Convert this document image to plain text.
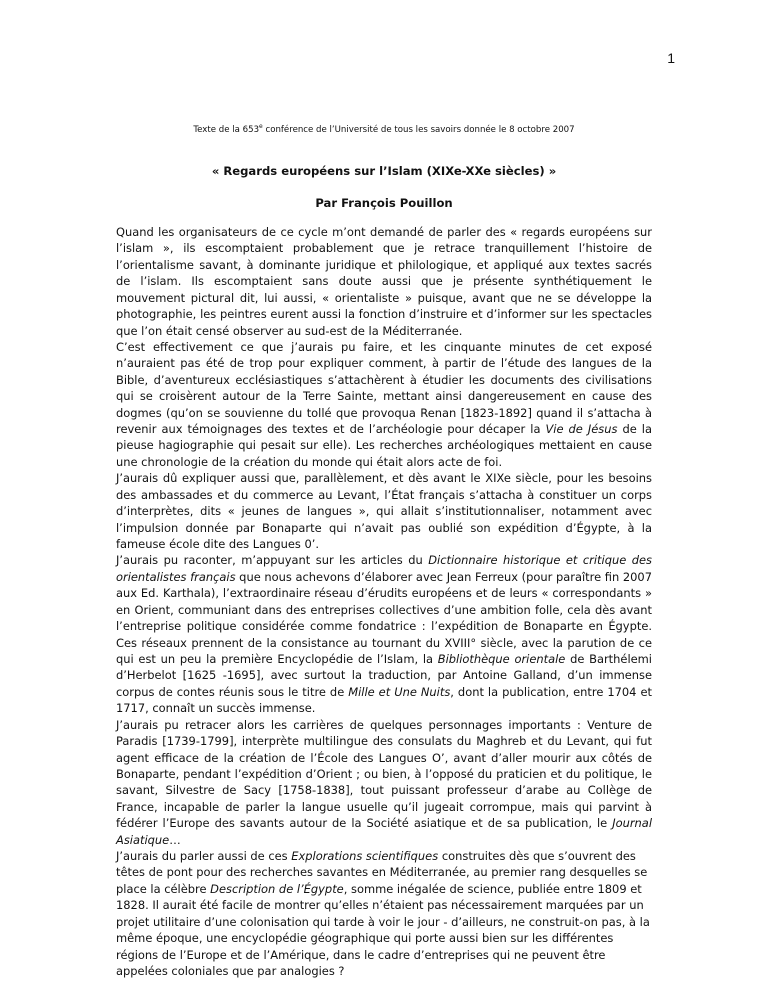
1
Texte de la 653e conférence de l’Université de tous les savoirs donnée le 8 octobre 2007
« Regards européens sur l’Islam (XIXe-XXe siècles) »
Par François Pouillon

Quand les organisateurs de ce cycle m’ont demandé de parler des « regards européens sur l’islam », ils escomptaient probablement que je retrace tranquillement l’histoire de l’orientalisme savant, à dominante juridique et philologique, et appliqué aux textes sacrés de l’islam. Ils escomptaient sans doute aussi que je présente synthétiquement le mouvement pictural dit, lui aussi, « orientaliste » puisque, avant que ne se développe la photographie, les peintres eurent aussi la fonction d’instruire et d’informer sur les spectacles que l’on était censé observer au sud-est de la Méditerranée.

C’est effectivement ce que j’aurais pu faire, et les cinquante minutes de cet exposé n’auraient pas été de trop pour expliquer comment, à partir de l’étude des langues de la Bible, d’aventureux ecclésiastiques s’attachèrent à étudier les documents des civilisations qui se croisèrent autour de la Terre Sainte, mettant ainsi dangereusement en cause des dogmes (qu’on se souvienne du tollé que provoqua Renan [1823-1892] quand il s’attacha à revenir aux témoignages des textes et de l’archéologie pour décaper la Vie de Jésus de la pieuse hagiographie qui pesait sur elle). Les recherches archéologiques mettaient en cause une chronologie de la création du monde qui était alors acte de foi.

J’aurais dû expliquer aussi que, parallèlement, et dès avant le XIXe siècle, pour les besoins des ambassades et du commerce au Levant, l’État français s’attacha à constituer un corps d’interprètes, dits « jeunes de langues », qui allait s’institutionnaliser, notamment avec l’impulsion donnée par Bonaparte qui n’avait pas oublié son expédition d’Égypte, à la fameuse école dite des Langues 0’.

J’aurais pu raconter, m’appuyant sur les articles du Dictionnaire historique et critique des orientalistes français que nous achevons d’élaborer avec Jean Ferreux (pour paraître fin 2007 aux Ed. Karthala), l’extraordinaire réseau d’érudits européens et de leurs « correspondants » en Orient, communiant dans des entreprises collectives d’une ambition folle, cela dès avant l’entreprise politique considérée comme fondatrice : l’expédition de Bonaparte en Égypte. Ces réseaux prennent de la consistance au tournant du XVIII° siècle, avec la parution de ce qui est un peu la première Encyclopédie de l’Islam, la Bibliothèque orientale de Barthélemi d’Herbelot [1625 -1695], avec surtout la traduction, par Antoine Galland, d’un immense corpus de contes réunis sous le titre de Mille et Une Nuits, dont la publication, entre 1704 et 1717, connaît un succès immense.

J’aurais pu retracer alors les carrières de quelques personnages importants : Venture de Paradis [1739-1799], interprète multilingue des consulats du Maghreb et du Levant, qui fut agent efficace de la création de l’École des Langues O’, avant d’aller mourir aux côtés de Bonaparte, pendant l’expédition d’Orient ; ou bien, à l’opposé du praticien et du politique, le savant, Silvestre de Sacy [1758-1838], tout puissant professeur d’arabe au Collège de France, incapable de parler la langue usuelle qu’il jugeait corrompue, mais qui parvint à fédérer l’Europe des savants autour de la Société asiatique et de sa publication, le Journal Asiatique…

J’aurais du parler aussi de ces Explorations scientifiques construites dès que s’ouvrent des têtes de pont pour des recherches savantes en Méditerranée, au premier rang desquelles se place la célèbre Description de l’Égypte, somme inégalée de science, publiée entre 1809 et 1828. Il aurait été facile de montrer qu’elles n’étaient pas nécessairement marquées par un projet utilitaire d’une colonisation qui tarde à voir le jour - d’ailleurs, ne construit-on pas, à la même époque, une encyclopédie géographique qui porte aussi bien sur les différentes régions de l’Europe et de l’Amérique, dans le cadre d’entreprises qui ne peuvent être appelées coloniales que par analogies ?
